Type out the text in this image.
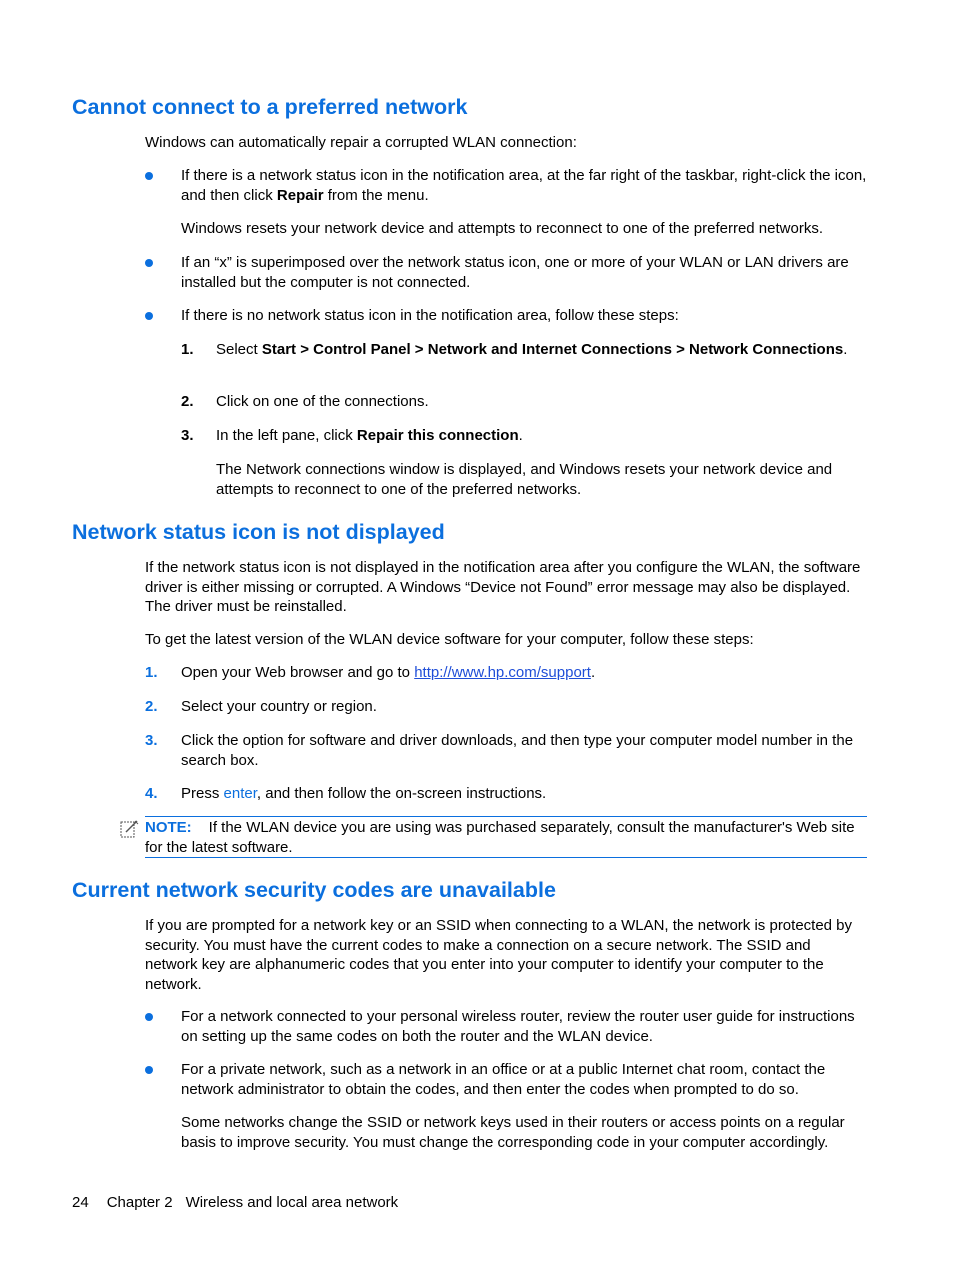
Cannot connect to a preferred network

Windows can automatically repair a corrupted WLAN connection:

If there is a network status icon in the notification area, at the far right of the taskbar, right-click the icon, and then click Repair from the menu.

Windows resets your network device and attempts to reconnect to one of the preferred networks.

If an “x” is superimposed over the network status icon, one or more of your WLAN or LAN drivers are installed but the computer is not connected.

If there is no network status icon in the notification area, follow these steps:

1. Select Start > Control Panel > Network and Internet Connections > Network Connections.

2. Click on one of the connections.

3. In the left pane, click Repair this connection.

The Network connections window is displayed, and Windows resets your network device and attempts to reconnect to one of the preferred networks.

Network status icon is not displayed

If the network status icon is not displayed in the notification area after you configure the WLAN, the software driver is either missing or corrupted. A Windows “Device not Found” error message may also be displayed. The driver must be reinstalled.

To get the latest version of the WLAN device software for your computer, follow these steps:

1. Open your Web browser and go to http://www.hp.com/support.

2. Select your country or region.

3. Click the option for software and driver downloads, and then type your computer model number in the search box.

4. Press enter, and then follow the on-screen instructions.

NOTE: If the WLAN device you are using was purchased separately, consult the manufacturer's Web site for the latest software.

Current network security codes are unavailable

If you are prompted for a network key or an SSID when connecting to a WLAN, the network is protected by security. You must have the current codes to make a connection on a secure network. The SSID and network key are alphanumeric codes that you enter into your computer to identify your computer to the network.

For a network connected to your personal wireless router, review the router user guide for instructions on setting up the same codes on both the router and the WLAN device.

For a private network, such as a network in an office or at a public Internet chat room, contact the network administrator to obtain the codes, and then enter the codes when prompted to do so.

Some networks change the SSID or network keys used in their routers or access points on a regular basis to improve security. You must change the corresponding code in your computer accordingly.

24 Chapter 2 Wireless and local area network
